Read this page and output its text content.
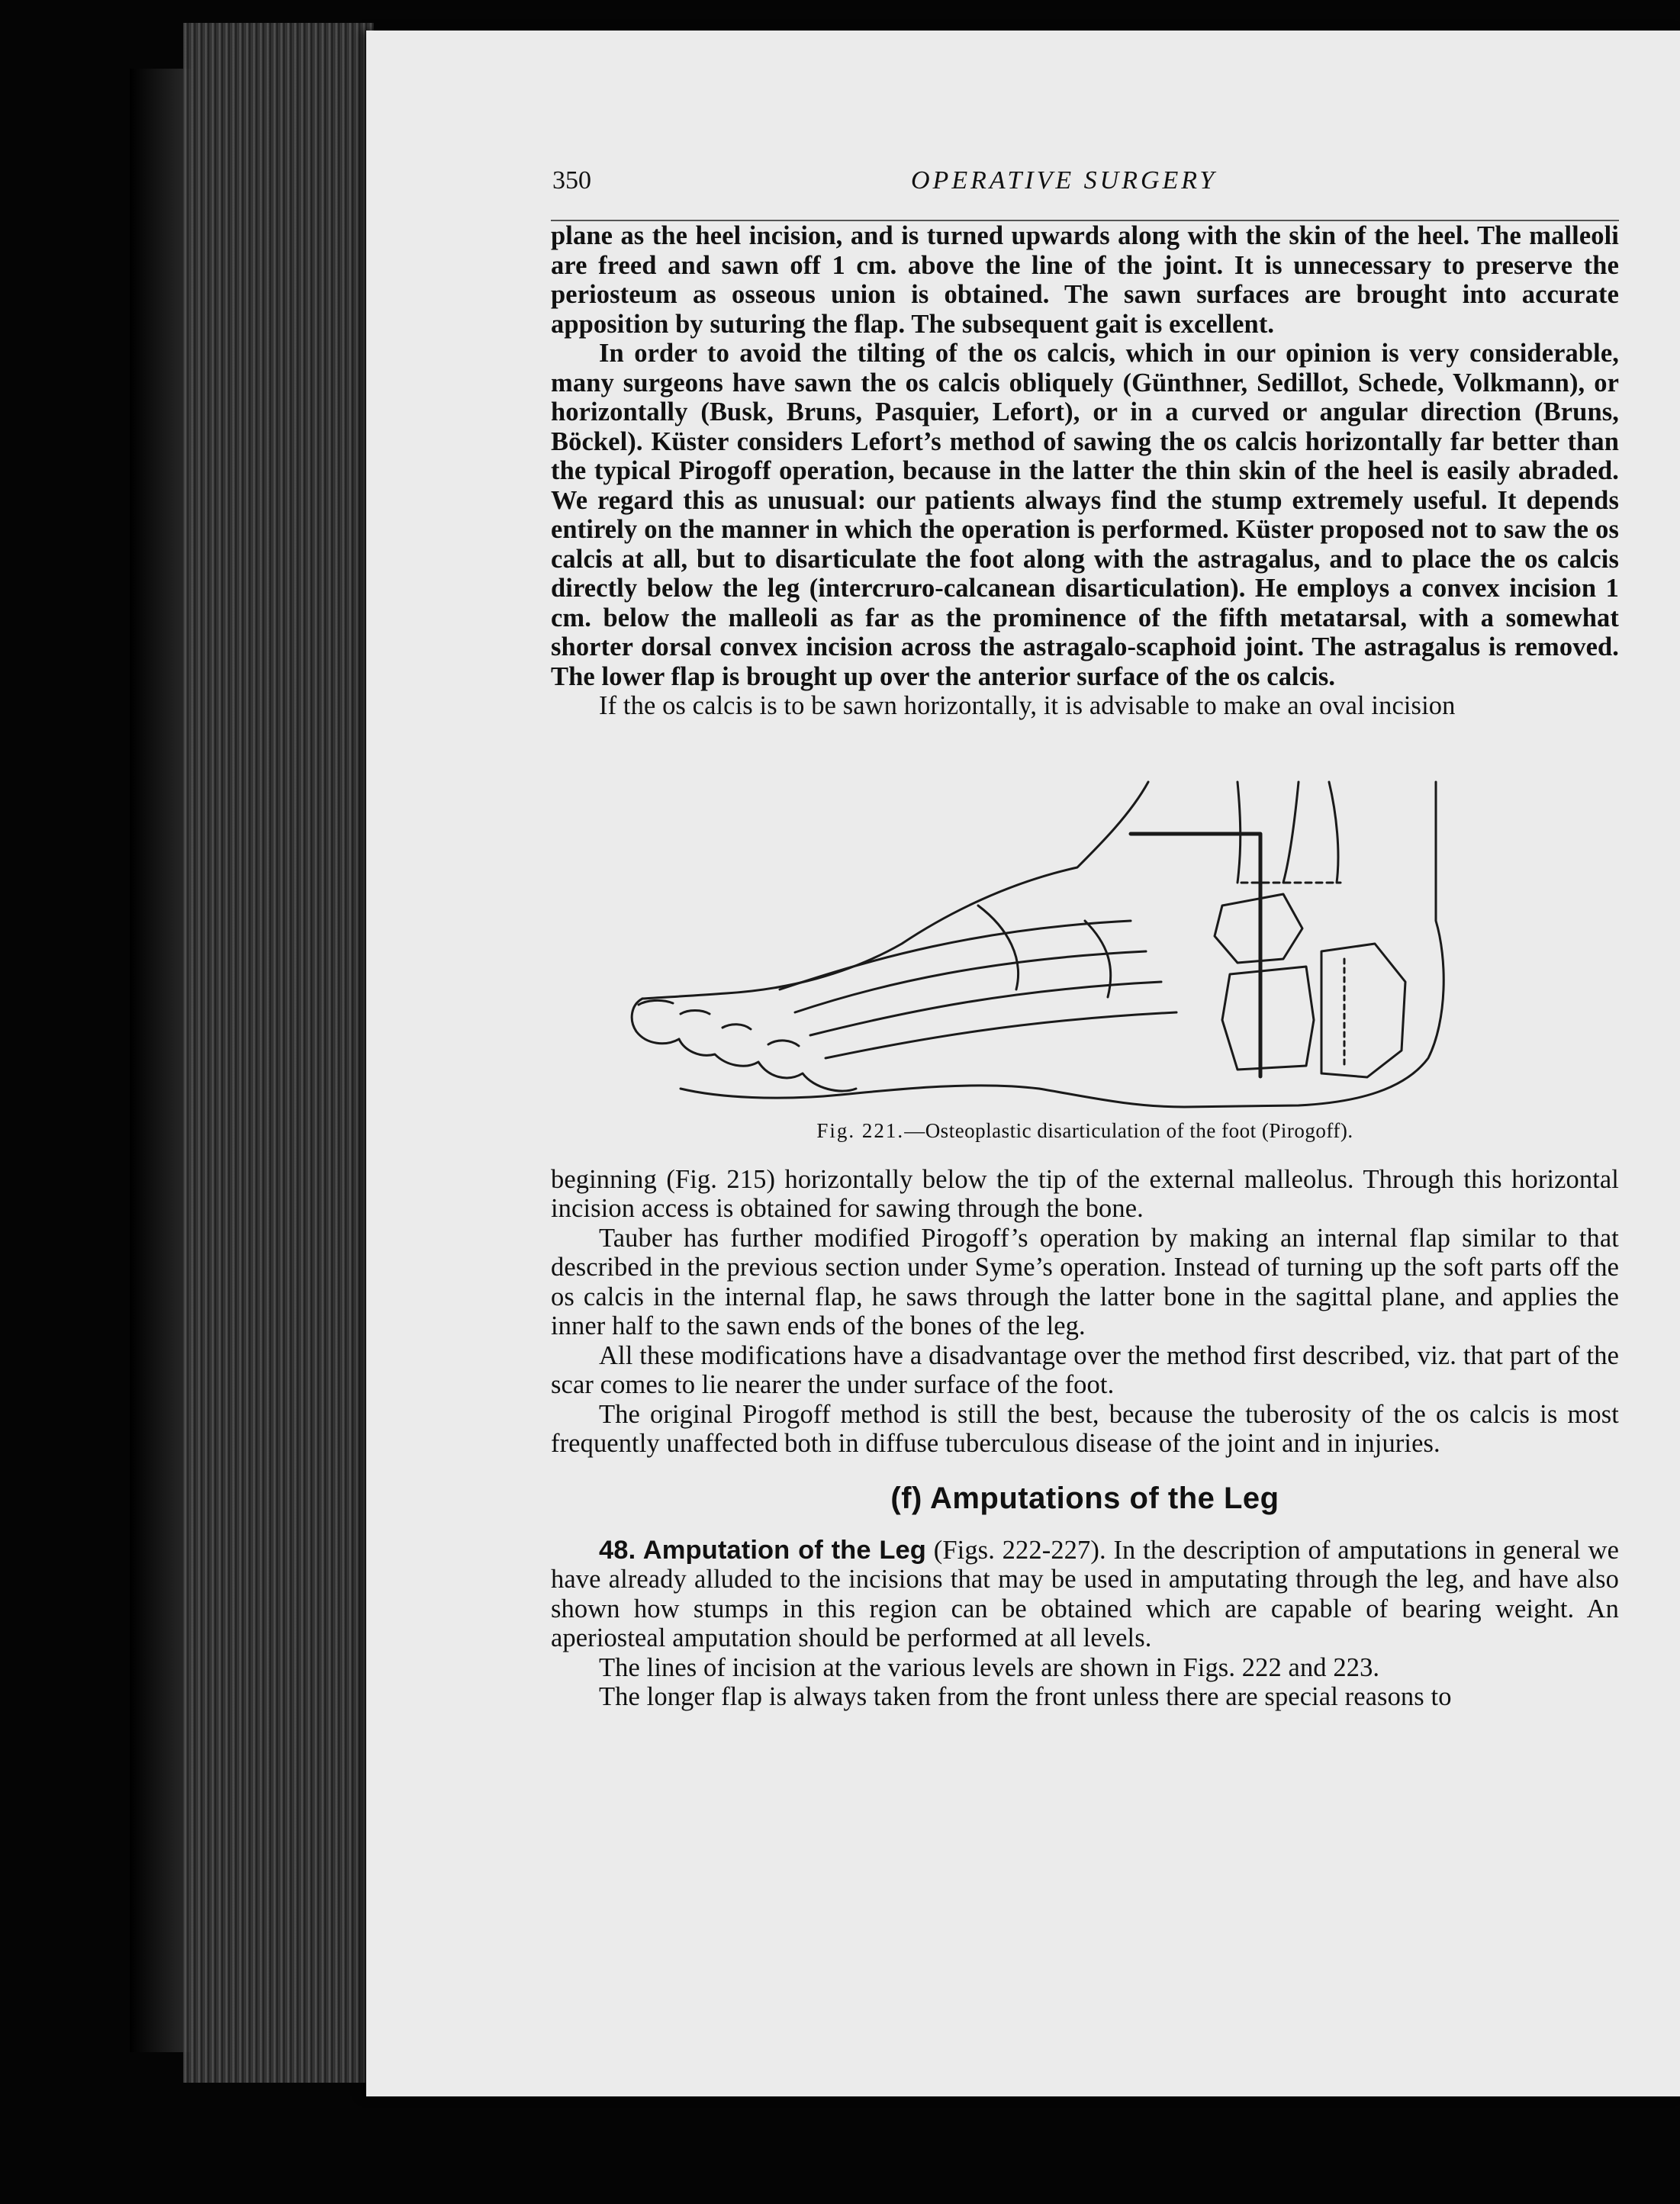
350	OPERATIVE SURGERY

plane as the heel incision, and is turned upwards along with the skin of the heel. The malleoli are freed and sawn off 1 cm. above the line of the joint. It is unnecessary to preserve the periosteum as osseous union is obtained. The sawn surfaces are brought into accurate apposition by suturing the flap. The subsequent gait is excellent.

In order to avoid the tilting of the os calcis, which in our opinion is very considerable, many surgeons have sawn the os calcis obliquely (Günthner, Sedillot, Schede, Volkmann), or horizontally (Busk, Bruns, Pasquier, Lefort), or in a curved or angular direction (Bruns, Böckel). Küster considers Lefort’s method of sawing the os calcis horizontally far better than the typical Pirogoff operation, because in the latter the thin skin of the heel is easily abraded. We regard this as unusual: our patients always find the stump extremely useful. It depends entirely on the manner in which the operation is performed. Küster proposed not to saw the os calcis at all, but to disarticulate the foot along with the astragalus, and to place the os calcis directly below the leg (intercruro-calcanean disarticulation). He employs a convex incision 1 cm. below the malleoli as far as the prominence of the fifth metatarsal, with a somewhat shorter dorsal convex incision across the astragalo-scaphoid joint. The astragalus is removed. The lower flap is brought up over the anterior surface of the os calcis.

If the os calcis is to be sawn horizontally, it is advisable to make an oval incision

Fig. 221.—Osteoplastic disarticulation of the foot (Pirogoff).

beginning (Fig. 215) horizontally below the tip of the external malleolus. Through this horizontal incision access is obtained for sawing through the bone.

Tauber has further modified Pirogoff’s operation by making an internal flap similar to that described in the previous section under Syme’s operation. Instead of turning up the soft parts off the os calcis in the internal flap, he saws through the latter bone in the sagittal plane, and applies the inner half to the sawn ends of the bones of the leg.

All these modifications have a disadvantage over the method first described, viz. that part of the scar comes to lie nearer the under surface of the foot.

The original Pirogoff method is still the best, because the tuberosity of the os calcis is most frequently unaffected both in diffuse tuberculous disease of the joint and in injuries.

(f) Amputations of the Leg

48. Amputation of the Leg (Figs. 222-227). In the description of amputations in general we have already alluded to the incisions that may be used in amputating through the leg, and have also shown how stumps in this region can be obtained which are capable of bearing weight. An aperiosteal amputation should be performed at all levels.

The lines of incision at the various levels are shown in Figs. 222 and 223.

The longer flap is always taken from the front unless there are special reasons to
